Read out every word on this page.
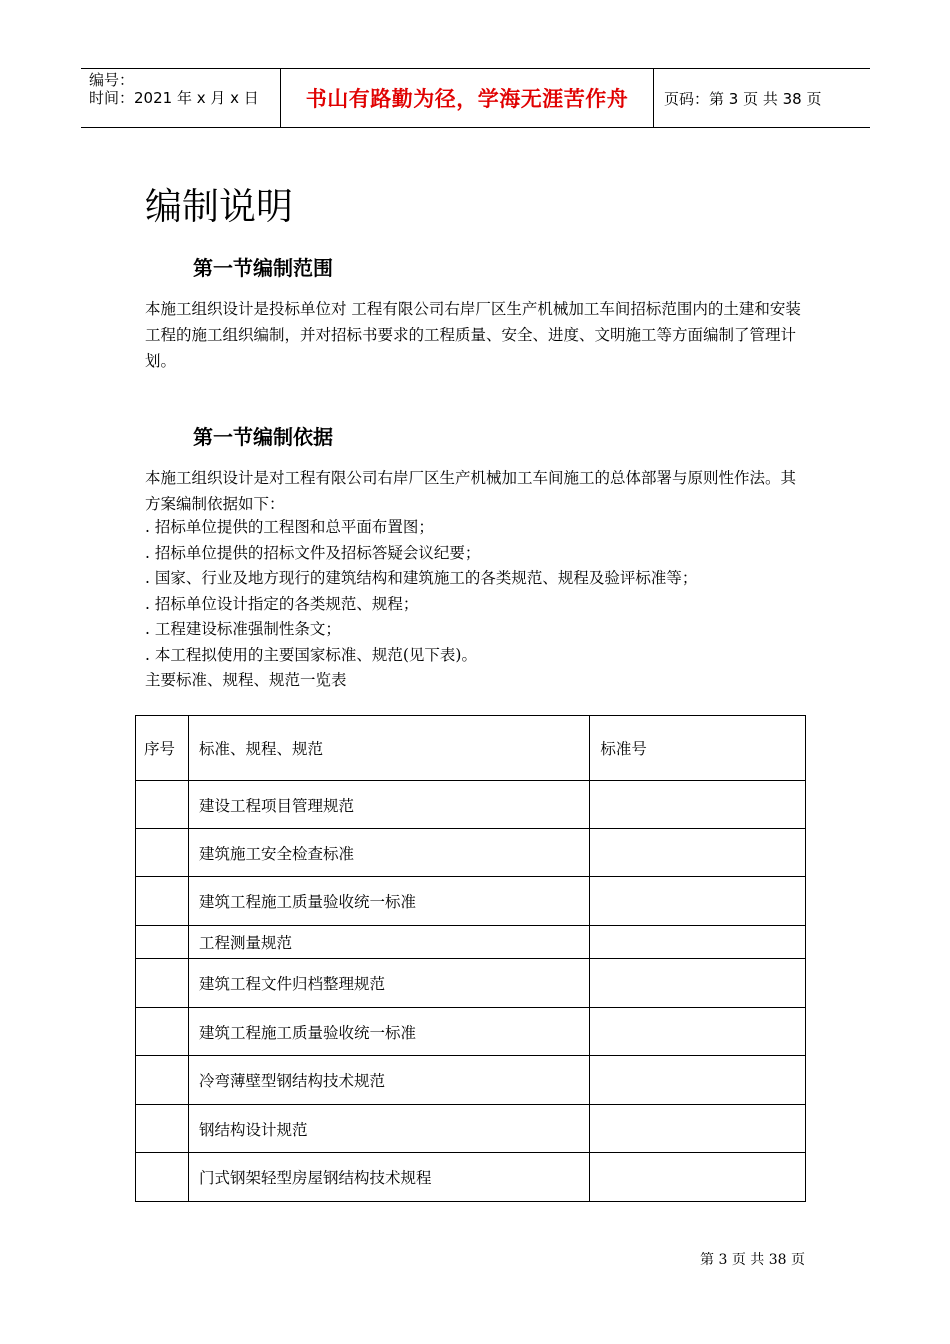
编号：
时间：2021 年 x 月 x 日	书山有路勤为径，学海无涯苦作舟	页码：第 3 页 共 38 页
编制说明
第一节编制范围

本施工组织设计是投标单位对 工程有限公司右岸厂区生产机械加工车间招标范围内的土建和安装工程的施工组织编制，并对招标书要求的工程质量、安全、进度、文明施工等方面编制了管理计划。

第一节编制依据

本施工组织设计是对工程有限公司右岸厂区生产机械加工车间施工的总体部署与原则性作法。其方案编制依据如下：

. 招标单位提供的工程图和总平面布置图；
. 招标单位提供的招标文件及招标答疑会议纪要；
. 国家、行业及地方现行的建筑结构和建筑施工的各类规范、规程及验评标准等；
. 招标单位设计指定的各类规范、规程；
. 工程建设标准强制性条文；
. 本工程拟使用的主要国家标准、规范(见下表)。
主要标准、规程、规范一览表
序号	标准、规程、规范	标准号
	建设工程项目管理规范	
	建筑施工安全检查标准	
	建筑工程施工质量验收统一标准	
	工程测量规范	
	建筑工程文件归档整理规范	
	建筑工程施工质量验收统一标准	
	冷弯薄壁型钢结构技术规范	
	钢结构设计规范	
	门式钢架轻型房屋钢结构技术规程	
第 3 页 共 38 页
